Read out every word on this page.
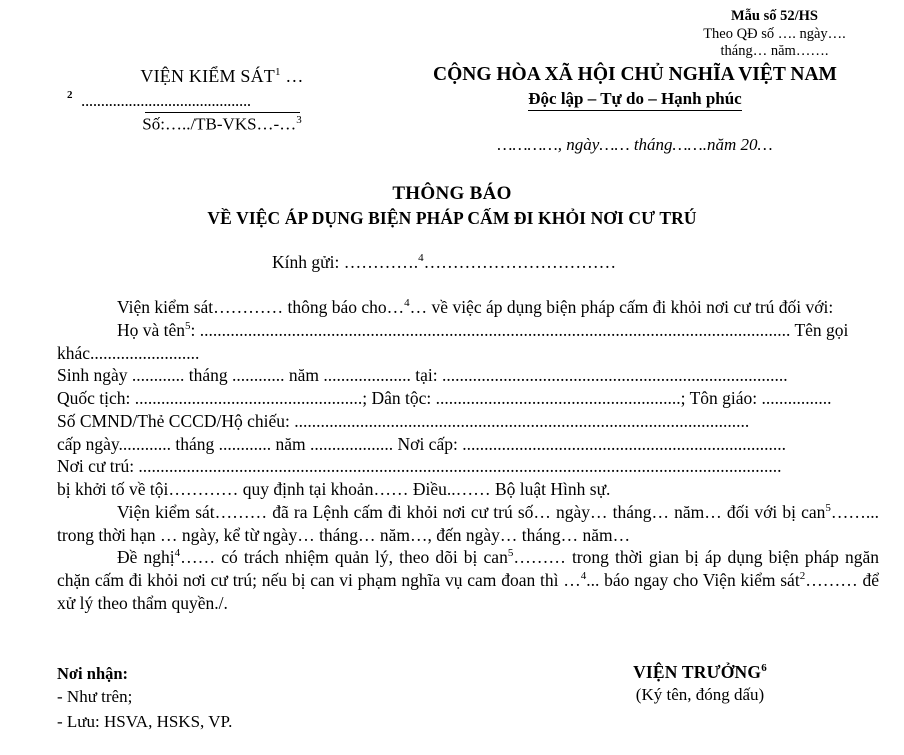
Mẫu số 52/HS
Theo QĐ số …. ngày….
tháng… năm…….
VIỆN KIỂM SÁT$^1$ …
2 ...........................................
Số:…../TB-VKS…-…$^3$
CỘNG HÒA XÃ HỘI CHỦ NGHĨA VIỆT NAM
Độc lập – Tự do – Hạnh phúc
…………, ngày…… tháng…….năm 20…
THÔNG BÁO
VỀ VIỆC ÁP DỤNG BIỆN PHÁP CẤM ĐI KHỎI NƠI CƯ TRÚ
Kính gửi: ………….$^4$……………………………

Viện kiểm sát………… thông báo cho…$^4$… về việc áp dụng biện pháp cấm đi khỏi nơi cư trú đối với:

Họ và tên$^5$: ....................................................................................................................................... Tên gọi khác.........................

Sinh ngày ............ tháng ............ năm .................... tại: ...............................................................................

Quốc tịch: ....................................................; Dân tộc: ........................................................; Tôn giáo: ................

Số CMND/Thẻ CCCD/Hộ chiếu: ........................................................................................................

cấp ngày............ tháng ............ năm ................... Nơi cấp: ..........................................................................

Nơi cư trú: ...................................................................................................................................................

bị khởi tố về tội………… quy định tại khoản…… Điều..…… Bộ luật Hình sự.

Viện kiểm sát……… đã ra Lệnh cấm đi khỏi nơi cư trú số… ngày… tháng… năm… đối với bị can$^5$……... trong thời hạn … ngày, kể từ ngày… tháng… năm…, đến ngày… tháng… năm…

Đề nghị$^4$…… có trách nhiệm quản lý, theo dõi bị can$^5$……… trong thời gian bị áp dụng biện pháp ngăn chặn cấm đi khỏi nơi cư trú; nếu bị can vi phạm nghĩa vụ cam đoan thì …$^4$... báo ngay cho Viện kiểm sát$^2$……… để xử lý theo thẩm quyền./.

Nơi nhận:
- Như trên;
- Lưu: HSVA, HSKS, VP.
VIỆN TRƯỞNG$^6$
(Ký tên, đóng dấu)
